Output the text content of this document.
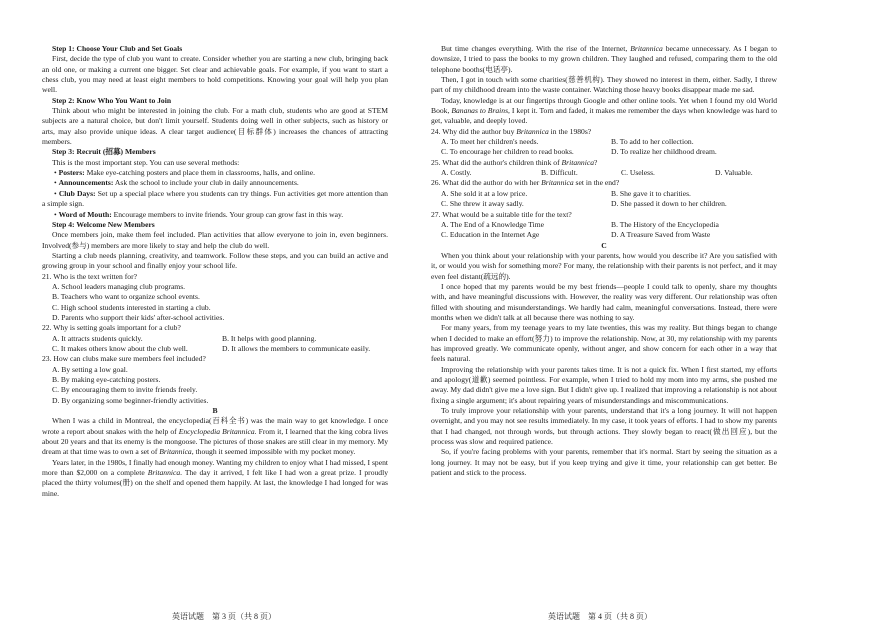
Step 1: Choose Your Club and Set Goals

First, decide the type of club you want to create. Consider whether you are starting a new club, bringing back an old one, or making a current one bigger. Set clear and achievable goals. For example, if you want to start a chess club, you may need at least eight members to hold competitions. Knowing your goal will help you plan well.

Step 2: Know Who You Want to Join

Think about who might be interested in joining the club. For a math club, students who are good at STEM subjects are a natural choice, but don't limit yourself. Students doing well in other subjects, such as history or arts, may also provide unique ideas. A clear target audience(目标群体) increases the chances of attracting members.

Step 3: Recruit (招募) Members

This is the most important step. You can use several methods:

• Posters: Make eye-catching posters and place them in classrooms, halls, and online.

• Announcements: Ask the school to include your club in daily announcements.

• Club Days: Set up a special place where you students can try things. Fun activities get more attention than a simple sign.

• Word of Mouth: Encourage members to invite friends. Your group can grow fast in this way.

Step 4: Welcome New Members

Once members join, make them feel included. Plan activities that allow everyone to join in, even beginners. Involved(参与) members are more likely to stay and help the club do well.

Starting a club needs planning, creativity, and teamwork. Follow these steps, and you can build an active and growing group in your school and finally enjoy your school life.

21. Who is the text written for?

A. School leaders managing club programs.

B. Teachers who want to organize school events.

C. High school students interested in starting a club.

D. Parents who support their kids' after-school activities.

22. Why is setting goals important for a club?

A. It attracts students quickly.	B. It helps with good planning.
C. It makes others know about the club well.	D. It allows the members to communicate easily.

23. How can clubs make sure members feel included?

A. By setting a low goal.

B. By making eye-catching posters.

C. By encouraging them to invite friends freely.

D. By organizing some beginner-friendly activities.

B

When I was a child in Montreal, the encyclopedia(百科全书) was the main way to get knowledge. I once wrote a report about snakes with the help of Encyclopedia Britannica. From it, I learned that the king cobra lives about 20 years and that its enemy is the mongoose. The pictures of those snakes are still clear in my memory. My dream at that time was to own a set of Britannica, though it seemed impossible with my pocket money.

Years later, in the 1980s, I finally had enough money. Wanting my children to enjoy what I had missed, I spent more than $2,000 on a complete Britannica. The day it arrived, I felt like I had won a great prize. I proudly placed the thirty volumes(册) on the shelf and opened them happily. At last, the knowledge I had longed for was mine.

But time changes everything. With the rise of the Internet, Britannica became unnecessary. As I began to downsize, I tried to pass the books to my grown children. They laughed and refused, comparing them to the old telephone booths(电话亭).

Then, I got in touch with some charities(慈善机构). They showed no interest in them, either. Sadly, I threw part of my childhood dream into the waste container. Watching those heavy books disappear made me sad.

Today, knowledge is at our fingertips through Google and other online tools. Yet when I found my old World Book, Bananas to Brains, I kept it. Torn and faded, it makes me remember the days when knowledge was hard to get, valuable, and deeply loved.

24. Why did the author buy Britannica in the 1980s?

A. To meet her children's needs.	B. To add to her collection.
C. To encourage her children to read books.	D. To realize her childhood dream.

25. What did the author's children think of Britannica?

A. Costly.	B. Difficult.	C. Useless.	D. Valuable.

26. What did the author do with her Britannica set in the end?

A. She sold it at a low price.	B. She gave it to charities.
C. She threw it away sadly.	D. She passed it down to her children.

27. What would be a suitable title for the text?

A. The End of a Knowledge Time	B. The History of the Encyclopedia
C. Education in the Internet Age	D. A Treasure Saved from Waste

C

When you think about your relationship with your parents, how would you describe it? Are you satisfied with it, or would you wish for something more? For many, the relationship with their parents is not perfect, and it may even feel distant(疏远的).

I once hoped that my parents would be my best friends—people I could talk to openly, share my thoughts with, and have meaningful discussions with. However, the reality was very different. Our relationship was often filled with shouting and misunderstandings. We hardly had calm, meaningful conversations. Instead, there were months when we didn't talk at all because there was nothing to say.

For many years, from my teenage years to my late twenties, this was my reality. But things began to change when I decided to make an effort(努力) to improve the relationship. Now, at 30, my relationship with my parents has improved greatly. We communicate openly, without anger, and show concern for each other in a way that feels natural.

Improving the relationship with your parents takes time. It is not a quick fix. When I first started, my efforts and apology(道歉) seemed pointless. For example, when I tried to hold my mom into my arms, she pushed me away. My dad didn't give me a love sign. But I didn't give up. I realized that improving a relationship is not about fixing a single argument; it's about repairing years of misunderstandings and miscommunications.

To truly improve your relationship with your parents, understand that it's a long journey. It will not happen overnight, and you may not see results immediately. In my case, it took years of efforts. I had to show my parents that I had changed, not through words, but through actions. They slowly began to react(做出回应), but the process was slow and required patience.

So, if you're facing problems with your parents, remember that it's normal. Start by seeing the situation as a long journey. It may not be easy, but if you keep trying and give it time, your relationship can get better. Be patient and stick to the process.

英语试题　第 3 页（共 8 页）	英语试题　第 4 页（共 8 页）
